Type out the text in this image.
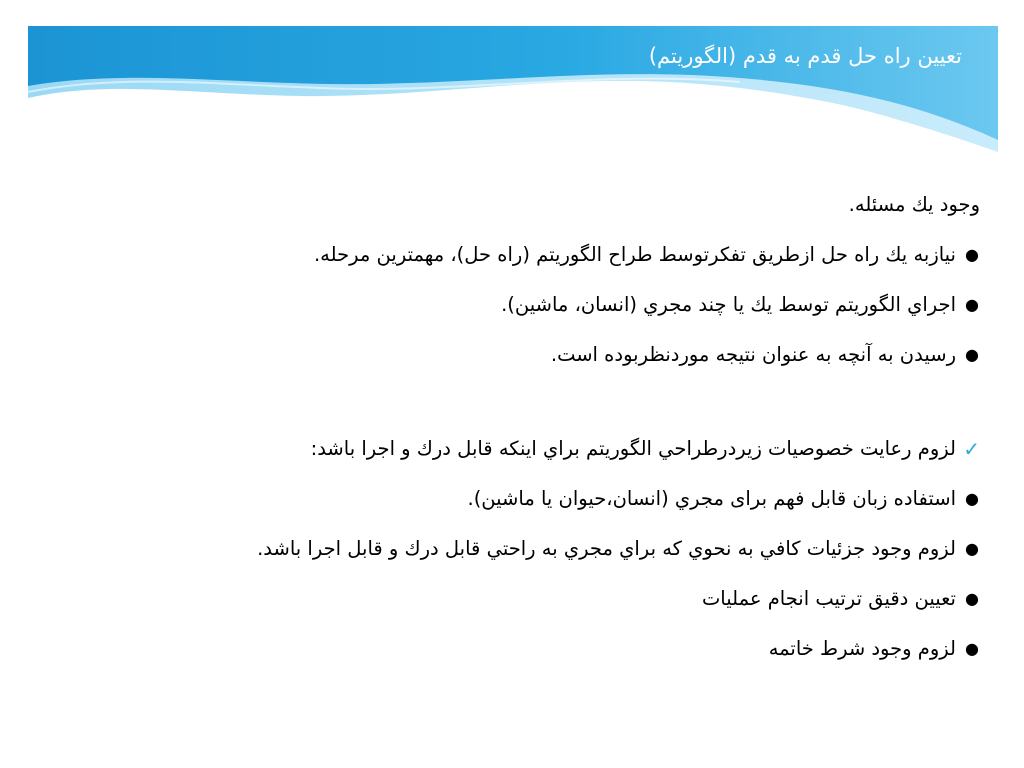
تعیین راه حل قدم به قدم (الگوريتم)
وجود يك مسئله.
●
نيازبه يك راه حل ازطريق تفكرتوسط طراح الگوريتم (راه حل)، مهمترين مرحله.
●
اجراي الگوريتم توسط يك يا چند مجري (انسان، ماشين).
●
رسيدن به آنچه به عنوان نتيجه موردنظربوده است.
✓
لزوم رعايت خصوصيات زيردرطراحي الگوريتم براي اينكه قابل درك و اجرا باشد:
●
استفاده زبان قابل فهم برای مجري (انسان،حيوان يا ماشين).
●
لزوم وجود جزئيات كافي به نحوي كه براي مجري به راحتي قابل درك و قابل اجرا باشد.
●
تعيين دقيق ترتيب انجام عمليات
●
لزوم وجود شرط خاتمه
